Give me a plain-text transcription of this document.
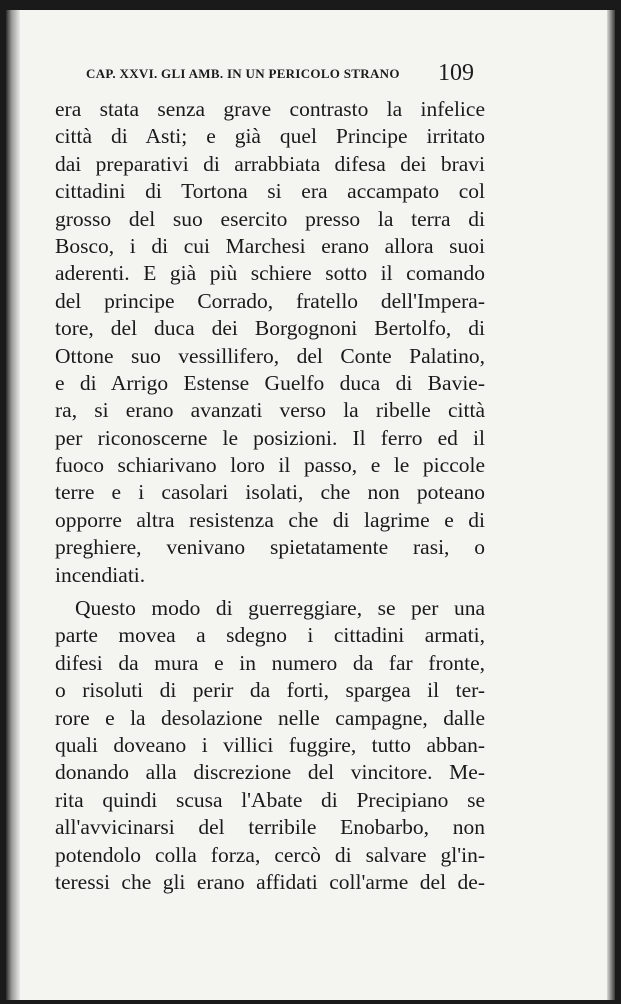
CAP. XXVI. GLI AMB. IN UN PERICOLO STRANO	109
era stata senza grave contrasto la infelice
città di Asti; e già quel Principe irritato
dai preparativi di arrabbiata difesa dei bravi
cittadini di Tortona si era accampato col
grosso del suo esercito presso la terra di
Bosco, i di cui Marchesi erano allora suoi
aderenti. E già più schiere sotto il comando
del principe Corrado, fratello dell'Impera-
tore, del duca dei Borgognoni Bertolfo, di
Ottone suo vessillifero, del Conte Palatino,
e di Arrigo Estense Guelfo duca di Bavie-
ra, si erano avanzati verso la ribelle città
per riconoscerne le posizioni. Il ferro ed il
fuoco schiarivano loro il passo, e le piccole
terre e i casolari isolati, che non poteano
opporre altra resistenza che di lagrime e di
preghiere, venivano spietatamente rasi, o
incendiati.
Questo modo di guerreggiare, se per una
parte movea a sdegno i cittadini armati,
difesi da mura e in numero da far fronte,
o risoluti di perir da forti, spargea il ter-
rore e la desolazione nelle campagne, dalle
quali doveano i villici fuggire, tutto abban-
donando alla discrezione del vincitore. Me-
rita quindi scusa l'Abate di Precipiano se
all'avvicinarsi del terribile Enobarbo, non
potendolo colla forza, cercò di salvare gl'in-
teressi che gli erano affidati coll'arme del de-
